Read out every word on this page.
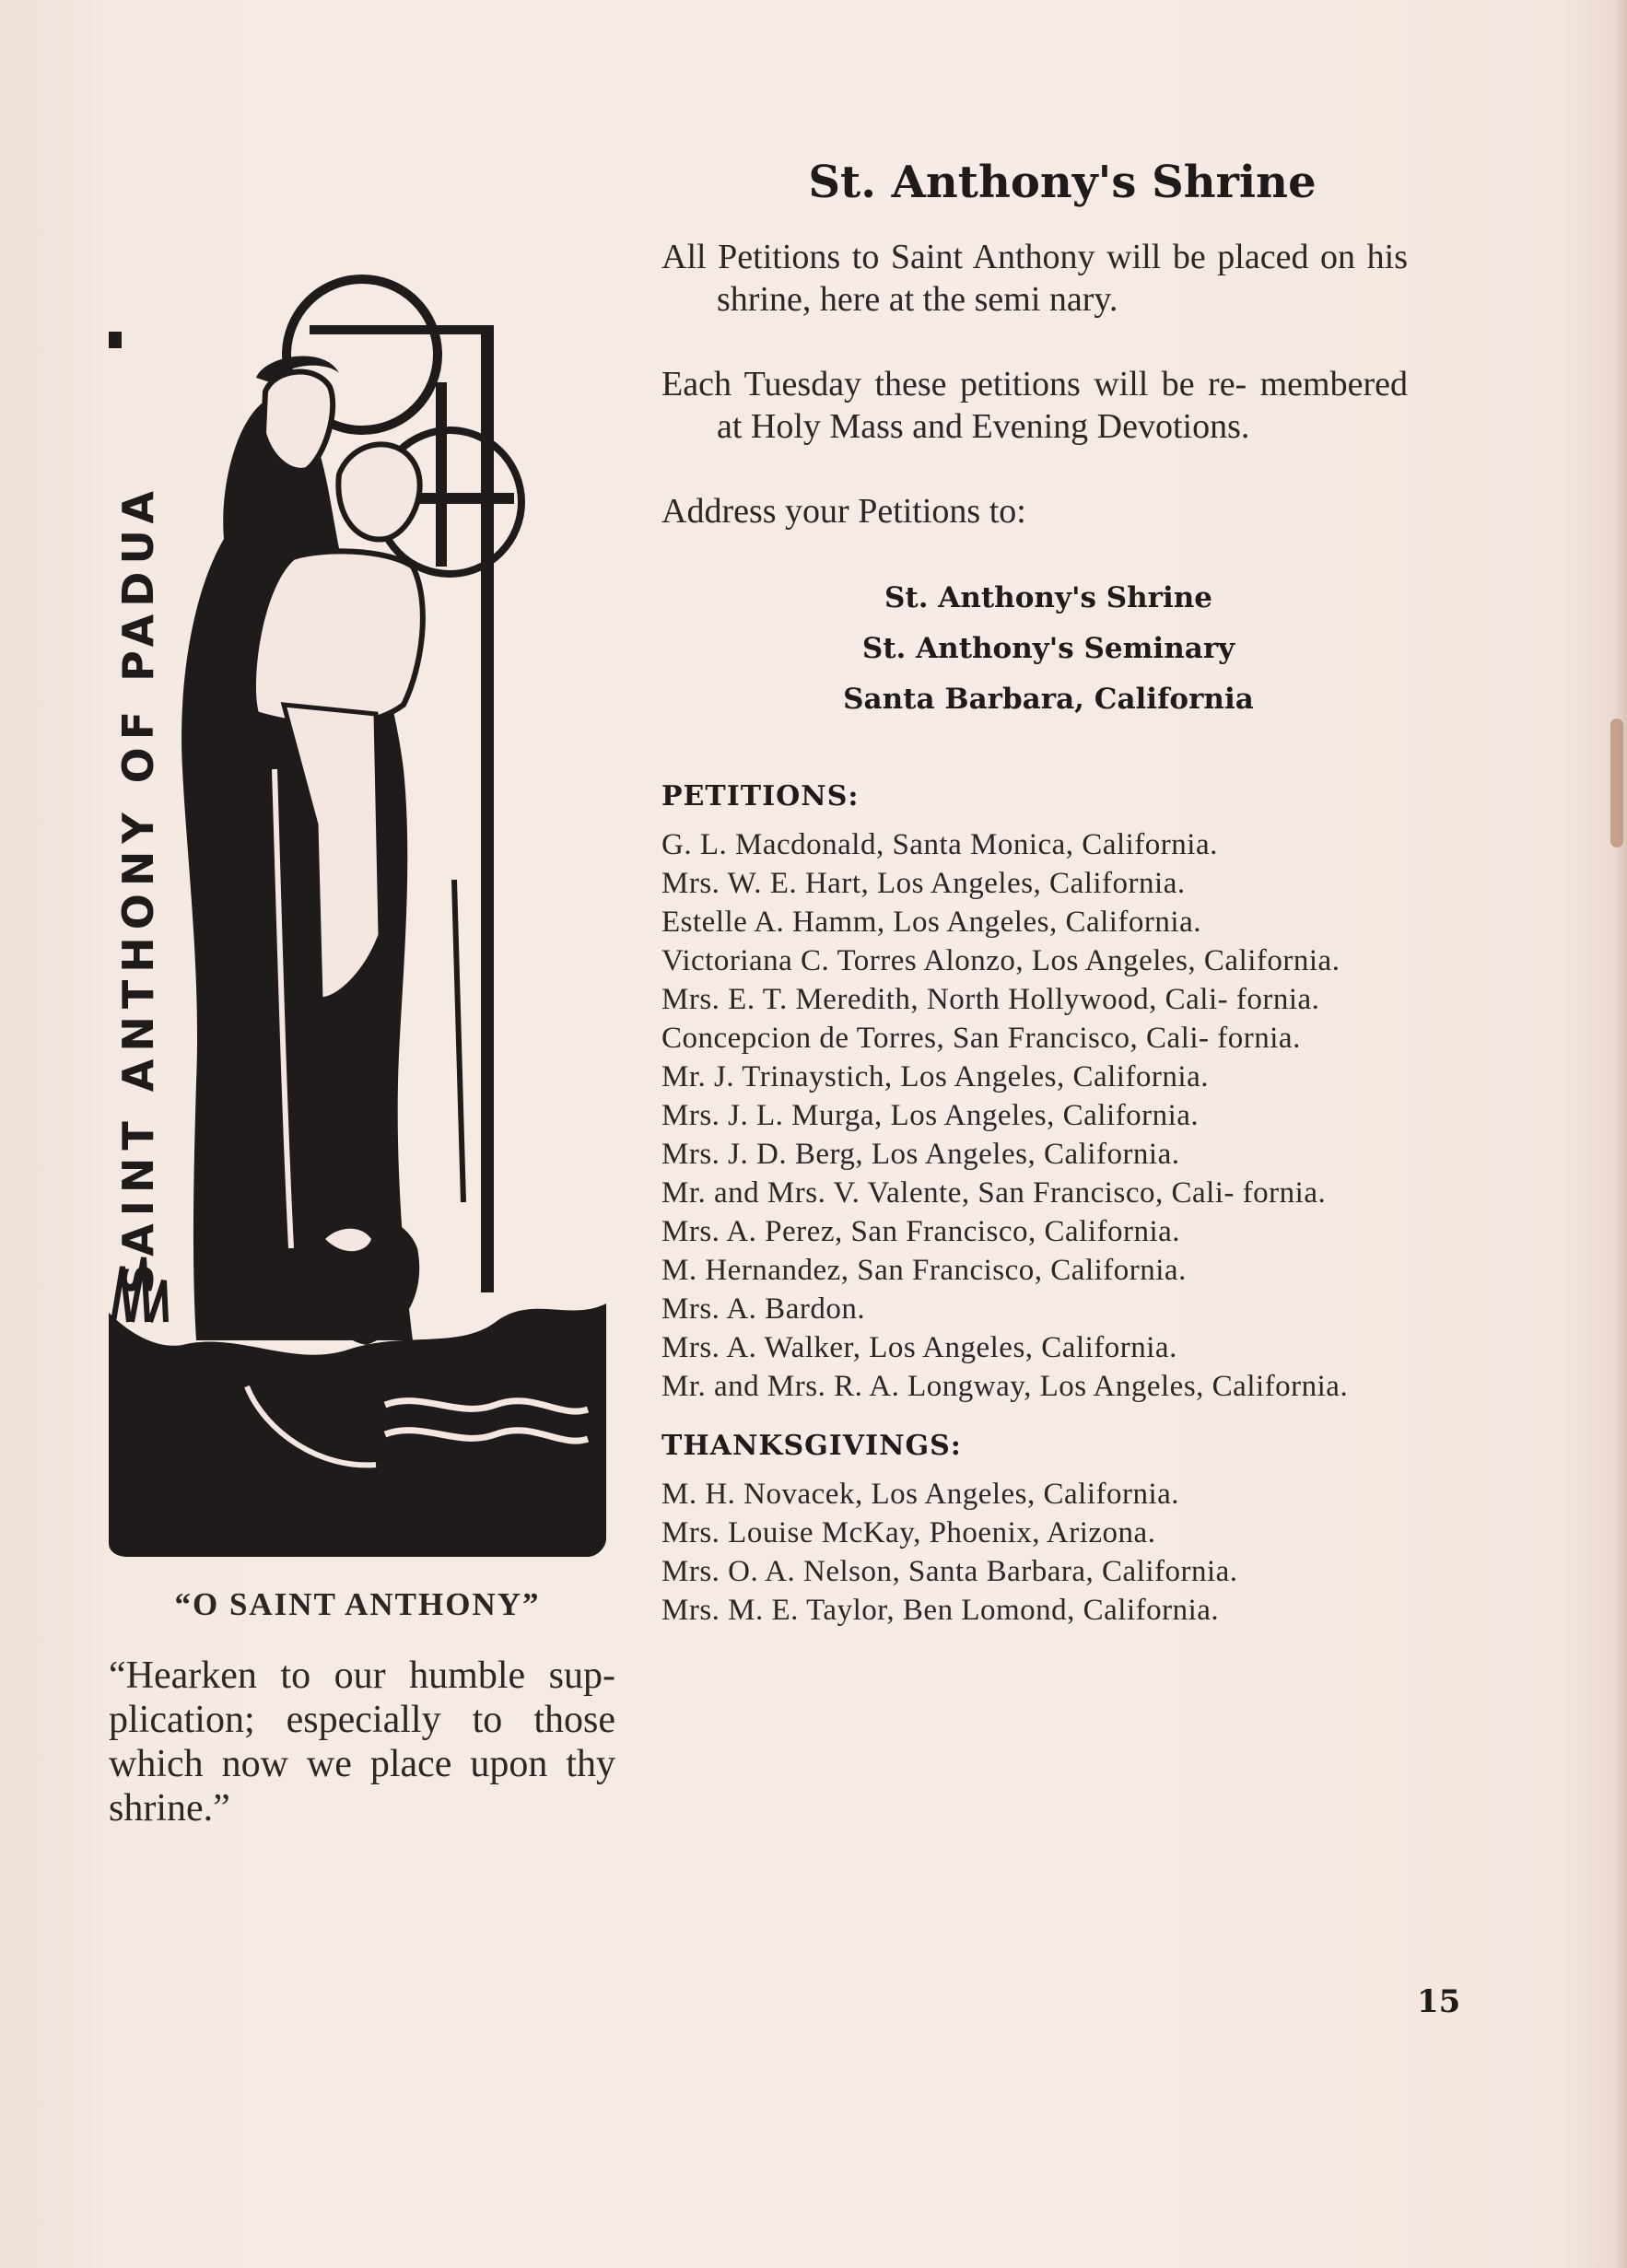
SAINT ANTHONY OF PADUA
“O SAINT ANTHONY”
“Hearken to our humble sup- plication; especially to those which now we place upon thy shrine.”
St. Anthony's Shrine

All Petitions to Saint Anthony will be placed on his shrine, here at the semi nary.

Each Tuesday these petitions will be re- membered at Holy Mass and Evening Devotions.

Address your Petitions to:

St. Anthony's Shrine
St. Anthony's Seminary
Santa Barbara, California
PETITIONS:
G. L. Macdonald, Santa Monica, California.
Mrs. W. E. Hart, Los Angeles, California.
Estelle A. Hamm, Los Angeles, California.
Victoriana C. Torres Alonzo, Los Angeles, California.
Mrs. E. T. Meredith, North Hollywood, Cali- fornia.
Concepcion de Torres, San Francisco, Cali- fornia.
Mr. J. Trinaystich, Los Angeles, California.
Mrs. J. L. Murga, Los Angeles, California.
Mrs. J. D. Berg, Los Angeles, California.
Mr. and Mrs. V. Valente, San Francisco, Cali- fornia.
Mrs. A. Perez, San Francisco, California.
M. Hernandez, San Francisco, California.
Mrs. A. Bardon.
Mrs. A. Walker, Los Angeles, California.
Mr. and Mrs. R. A. Longway, Los Angeles, California.
THANKSGIVINGS:
M. H. Novacek, Los Angeles, California.
Mrs. Louise McKay, Phoenix, Arizona.
Mrs. O. A. Nelson, Santa Barbara, California.
Mrs. M. E. Taylor, Ben Lomond, California.
15
